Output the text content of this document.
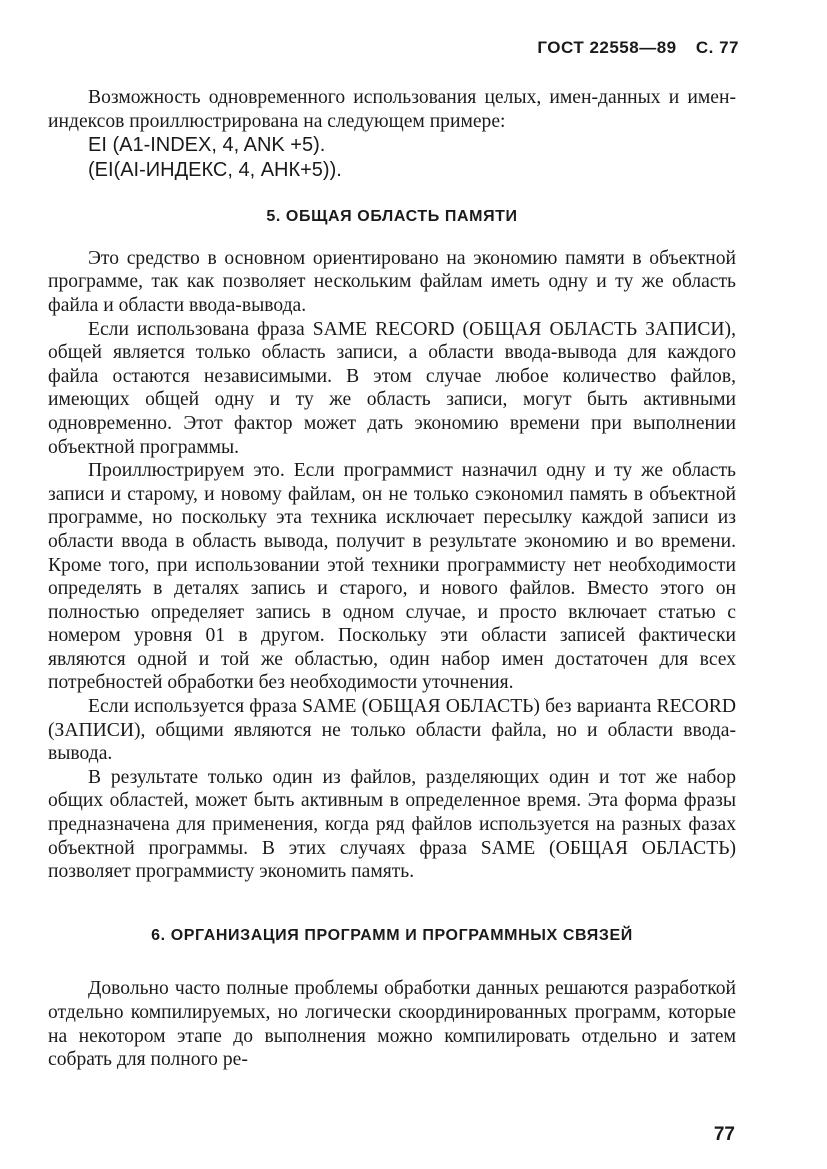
ГОСТ 22558—89 С. 77

Возможность одновременного использования целых, имен-данных и имен-индексов проиллюстрирована на следующем примере:

EI (A1-INDEX, 4, ANK +5).
(EI(AI-ИНДЕКС, 4, АНК+5)).
5. ОБЩАЯ ОБЛАСТЬ ПАМЯТИ

Это средство в основном ориентировано на экономию памяти в объектной программе, так как позволяет нескольким файлам иметь одну и ту же область файла и области ввода-вывода.

Если использована фраза SAME RECORD (ОБЩАЯ ОБЛАСТЬ ЗАПИСИ), общей является только область записи, а области ввода-вывода для каждого файла остаются независимыми. В этом случае любое количество файлов, имеющих общей одну и ту же область записи, могут быть активными одновременно. Этот фактор может дать экономию времени при выполнении объектной программы.

Проиллюстрируем это. Если программист назначил одну и ту же область записи и старому, и новому файлам, он не только сэкономил память в объектной программе, но поскольку эта техника исключает пересылку каждой записи из области ввода в область вывода, получит в результате экономию и во времени. Кроме того, при использовании этой техники программисту нет необходимости определять в деталях запись и старого, и нового файлов. Вместо этого он полностью определяет запись в одном случае, и просто включает статью с номером уровня 01 в другом. Поскольку эти области записей фактически являются одной и той же областью, один набор имен достаточен для всех потребностей обработки без необходимости уточнения.

Если используется фраза SAME (ОБЩАЯ ОБЛАСТЬ) без варианта RECORD (ЗАПИСИ), общими являются не только области файла, но и области ввода-вывода.

В результате только один из файлов, разделяющих один и тот же набор общих областей, может быть активным в определенное время. Эта форма фразы предназначена для применения, когда ряд файлов используется на разных фазах объектной программы. В этих случаях фраза SAME (ОБЩАЯ ОБЛАСТЬ) позволяет программисту экономить память.

6. ОРГАНИЗАЦИЯ ПРОГРАММ И ПРОГРАММНЫХ СВЯЗЕЙ

Довольно часто полные проблемы обработки данных решаются разработкой отдельно компилируемых, но логически скоординированных программ, которые на некотором этапе до выполнения можно компилировать отдельно и затем собрать для полного ре-

77
